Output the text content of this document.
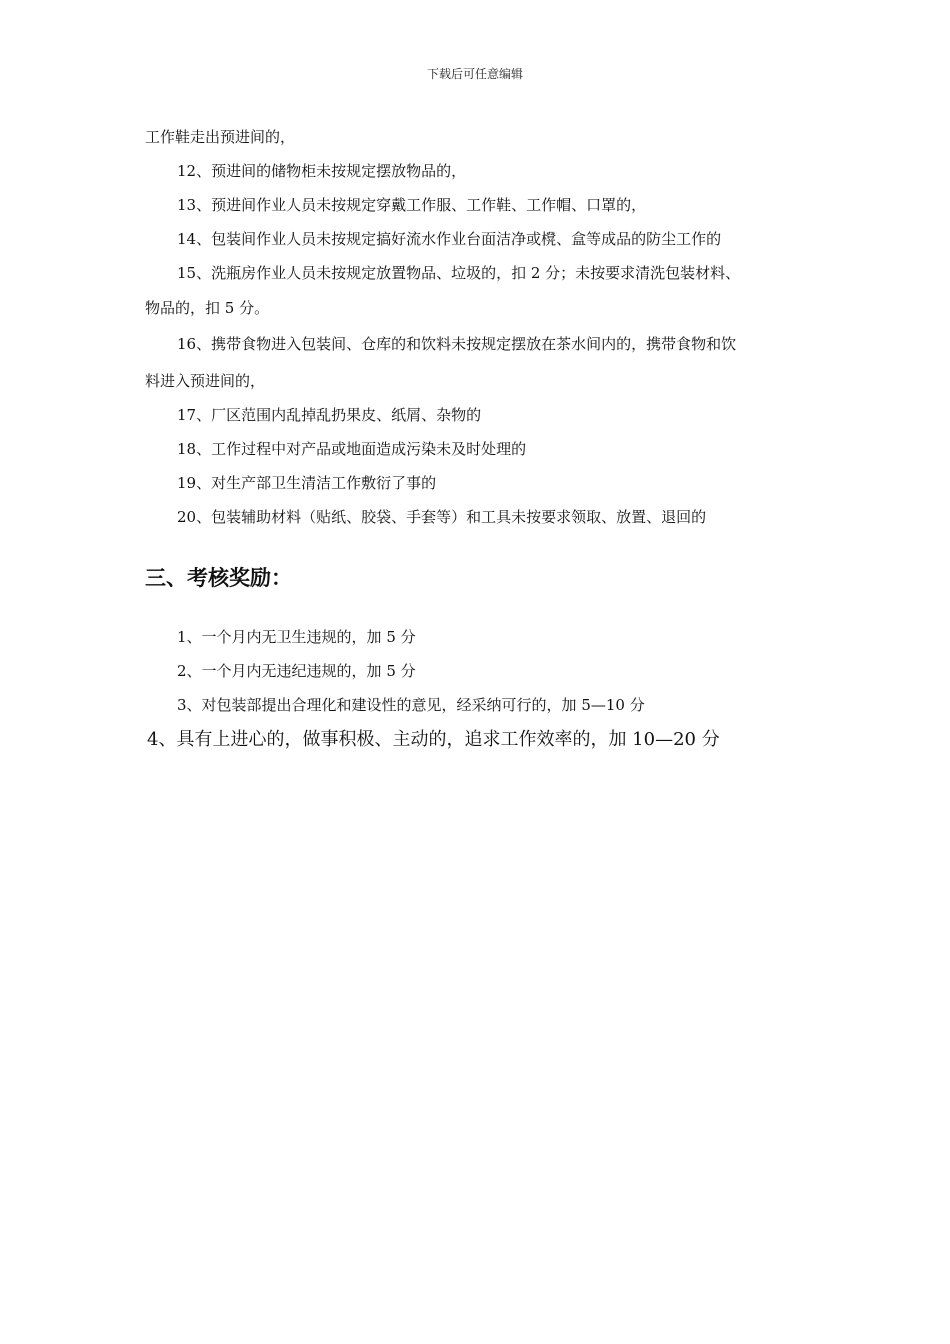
下载后可任意编辑
工作鞋走出预进间的，
12、预进间的储物柜未按规定摆放物品的，
13、预进间作业人员未按规定穿戴工作服、工作鞋、工作帽、口罩的，
14、包装间作业人员未按规定搞好流水作业台面洁净或櫈、盒等成品的防尘工作的
15、洗瓶房作业人员未按规定放置物品、垃圾的，扣 2 分；未按要求清洗包装材料、
物品的，扣 5 分。
16、携带食物进入包装间、仓库的和饮料未按规定摆放在茶水间内的，携带食物和饮
料进入预进间的，
17、厂区范围内乱掉乱扔果皮、纸屑、杂物的
18、工作过程中对产品或地面造成污染未及时处理的
19、对生产部卫生清洁工作敷衍了事的
20、包装辅助材料（贴纸、胶袋、手套等）和工具未按要求领取、放置、退回的
三、考核奖励：
1、一个月内无卫生违规的，加 5 分
2、一个月内无违纪违规的，加 5 分
3、对包装部提出合理化和建设性的意见，经采纳可行的，加 5—10 分
4、具有上进心的，做事积极、主动的，追求工作效率的，加 10—20 分
